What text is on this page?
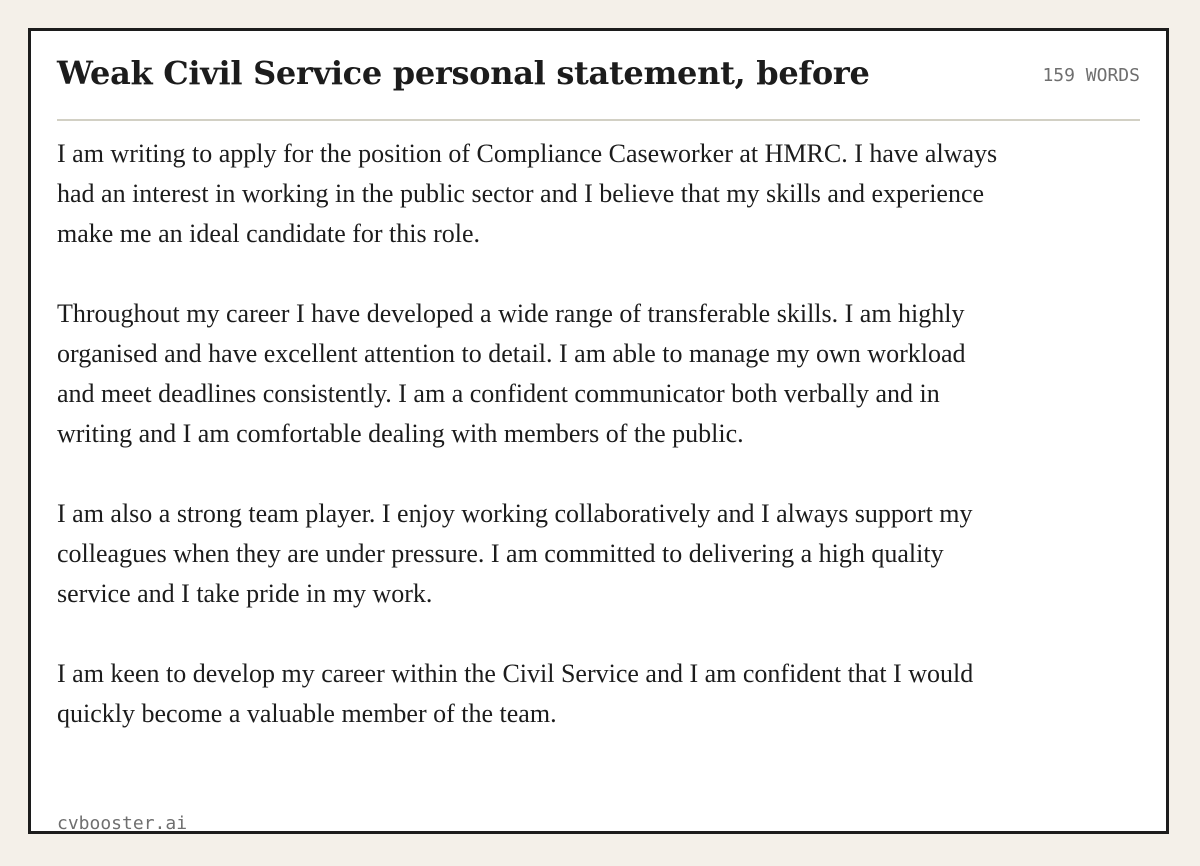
Weak Civil Service personal statement, before	159 WORDS

I am writing to apply for the position of Compliance Caseworker at HMRC. I have always had an interest in working in the public sector and I believe that my skills and experience make me an ideal candidate for this role.

Throughout my career I have developed a wide range of transferable skills. I am highly organised and have excellent attention to detail. I am able to manage my own workload and meet deadlines consistently. I am a confident communicator both verbally and in writing and I am comfortable dealing with members of the public.

I am also a strong team player. I enjoy working collaboratively and I always support my colleagues when they are under pressure. I am committed to delivering a high quality service and I take pride in my work.

I am keen to develop my career within the Civil Service and I am confident that I would quickly become a valuable member of the team.

cvbooster.ai
